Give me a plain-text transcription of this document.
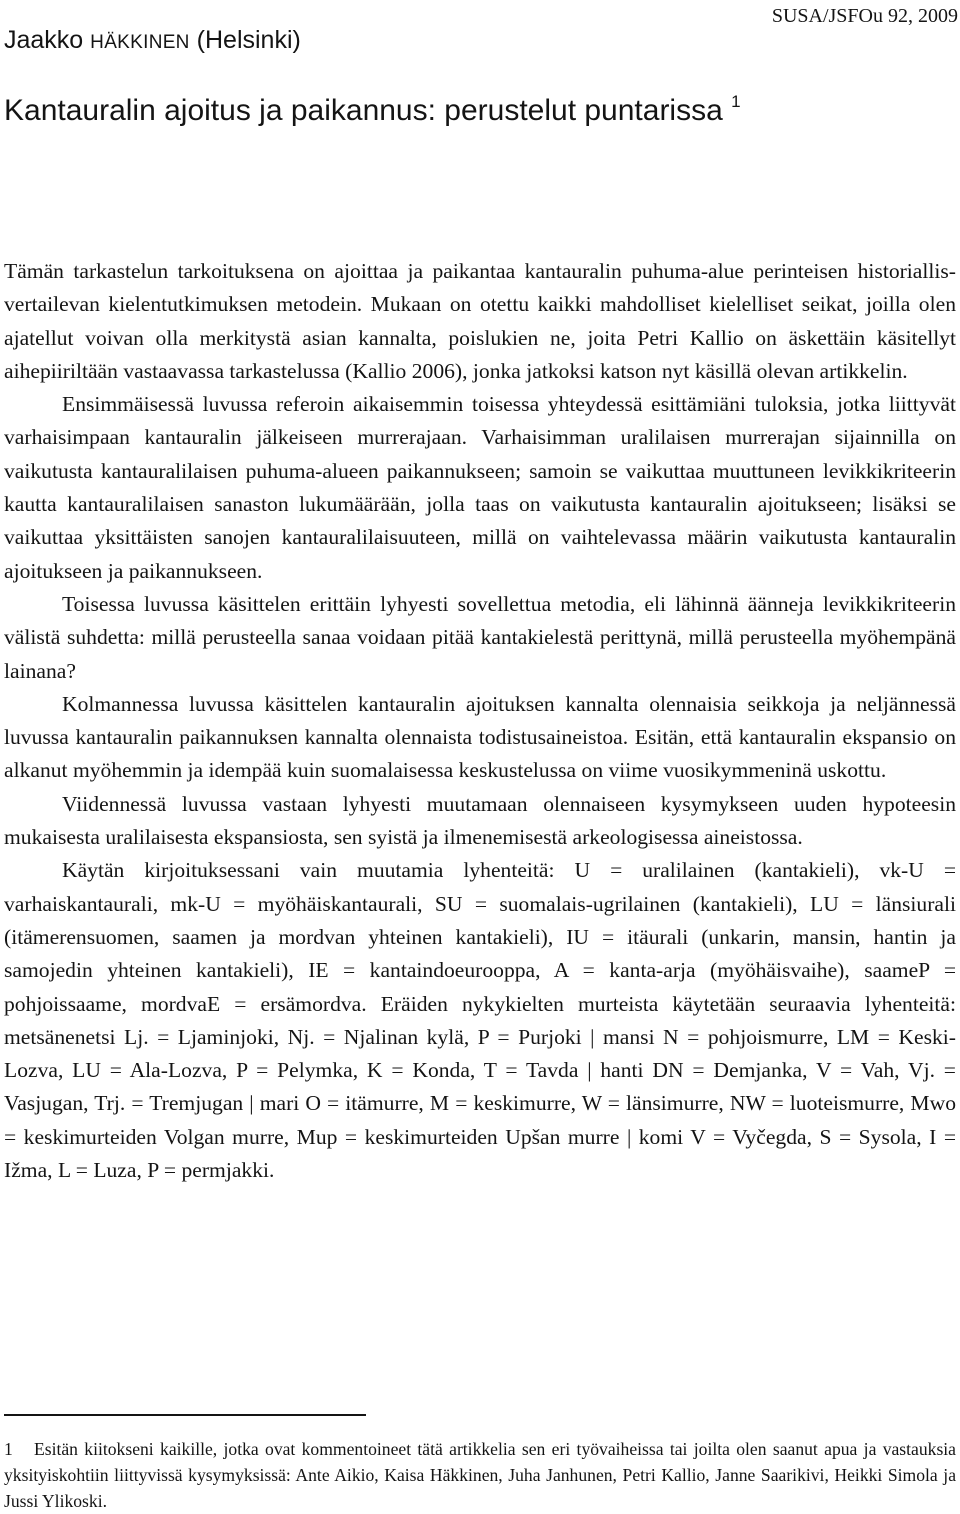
SUSA/JSFOu 92, 2009
Jaakko HÄKKINEN (Helsinki)
Kantauralin ajoitus ja paikannus: perustelut puntarissa $^1$

Tämän tarkastelun tarkoituksena on ajoittaa ja paikantaa kantauralin puhuma-alue perinteisen historiallis-vertailevan kielentutkimuksen metodein. Mukaan on otettu kaikki mahdolliset kielelliset seikat, joilla olen ajatellut voivan olla merkitystä asian kannalta, poislukien ne, joita Petri Kallio on äskettäin käsitellyt aihepiiriltään vastaavassa tarkastelussa (Kallio 2006), jonka jatkoksi katson nyt käsillä olevan artikkelin.

Ensimmäisessä luvussa referoin aikaisemmin toisessa yhteydessä esittämiäni tuloksia, jotka liittyvät varhaisimpaan kantauralin jälkeiseen murrerajaan. Varhaisimman uralilaisen murrerajan sijainnilla on vaikutusta kantauralilaisen puhuma-alueen paikannukseen; samoin se vaikuttaa muuttuneen levikkikriteerin kautta kantauralilaisen sanaston lukumäärään, jolla taas on vaikutusta kantauralin ajoitukseen; lisäksi se vaikuttaa yksittäisten sanojen kantauralilaisuuteen, millä on vaihtelevassa määrin vaikutusta kantauralin ajoitukseen ja paikannukseen.

Toisessa luvussa käsittelen erittäin lyhyesti sovellettua metodia, eli lähinnä äänneja levikkikriteerin välistä suhdetta: millä perusteella sanaa voidaan pitää kantakielestä perittynä, millä perusteella myöhempänä lainana?

Kolmannessa luvussa käsittelen kantauralin ajoituksen kannalta olennaisia seikkoja ja neljännessä luvussa kantauralin paikannuksen kannalta olennaista todistusaineistoa. Esitän, että kantauralin ekspansio on alkanut myöhemmin ja idempää kuin suomalaisessa keskustelussa on viime vuosikymmeninä uskottu.

Viidennessä luvussa vastaan lyhyesti muutamaan olennaiseen kysymykseen uuden hypoteesin mukaisesta uralilaisesta ekspansiosta, sen syistä ja ilmenemisestä arkeologisessa aineistossa.

Käytän kirjoituksessani vain muutamia lyhenteitä: U = uralilainen (kantakieli), vk-U = varhaiskantaurali, mk-U = myöhäiskantaurali, SU = suomalais-ugrilainen (kantakieli), LU = länsiurali (itämerensuomen, saamen ja mordvan yhteinen kantakieli), IU = itäurali (unkarin, mansin, hantin ja samojedin yhteinen kantakieli), IE = kantaindoeurooppa, A = kanta-arja (myöhäisvaihe), saameP = pohjoissaame, mordvaE = ersämordva. Eräiden nykykielten murteista käytetään seuraavia lyhenteitä: metsänenetsi Lj. = Ljaminjoki, Nj. = Njalinan kylä, P = Purjoki | mansi N = pohjoismurre, LM = Keski-Lozva, LU = Ala-Lozva, P = Pelymka, K = Konda, T = Tavda | hanti DN = Demjanka, V = Vah, Vj. = Vasjugan, Trj. = Tremjugan | mari O = itämurre, M = keskimurre, W = länsimurre, NW = luoteismurre, Mwo = keskimurteiden Volgan murre, Mup = keskimurteiden Upšan murre | komi V = Vyčegda, S = Sysola, I = Ižma, L = Luza, P = permjakki.

1 Esitän kiitokseni kaikille, jotka ovat kommentoineet tätä artikkelia sen eri työvaiheissa tai joilta olen saanut apua ja vastauksia yksityiskohtiin liittyvissä kysymyksissä: Ante Aikio, Kaisa Häkkinen, Juha Janhunen, Petri Kallio, Janne Saarikivi, Heikki Simola ja Jussi Ylikoski.
